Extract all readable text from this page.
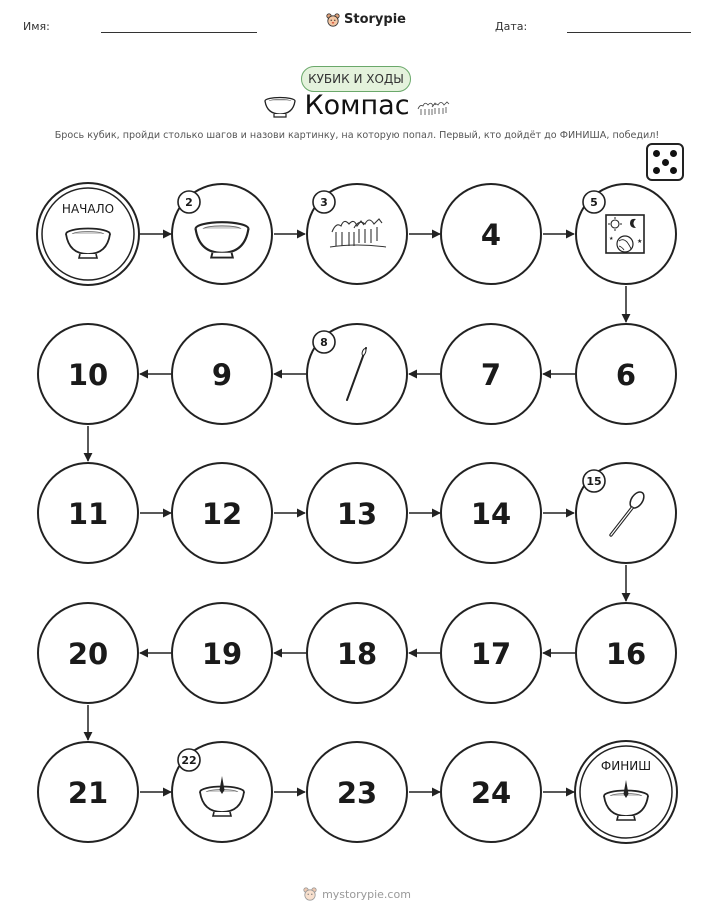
Имя:	Storypie	Дата:
КУБИК И ХОДЫ
Компас
Брось кубик, пройди столько шагов и назови картинку, на которую попал. Первый, кто дойдёт до ФИНИША, победил!
НАЧАЛО	2	3
★
★
5
8
15
22	ФИНИШ
4
6
7
9
10
11	12	13	14
16
17
18
19
20
21	23	24
mystorypie.com
